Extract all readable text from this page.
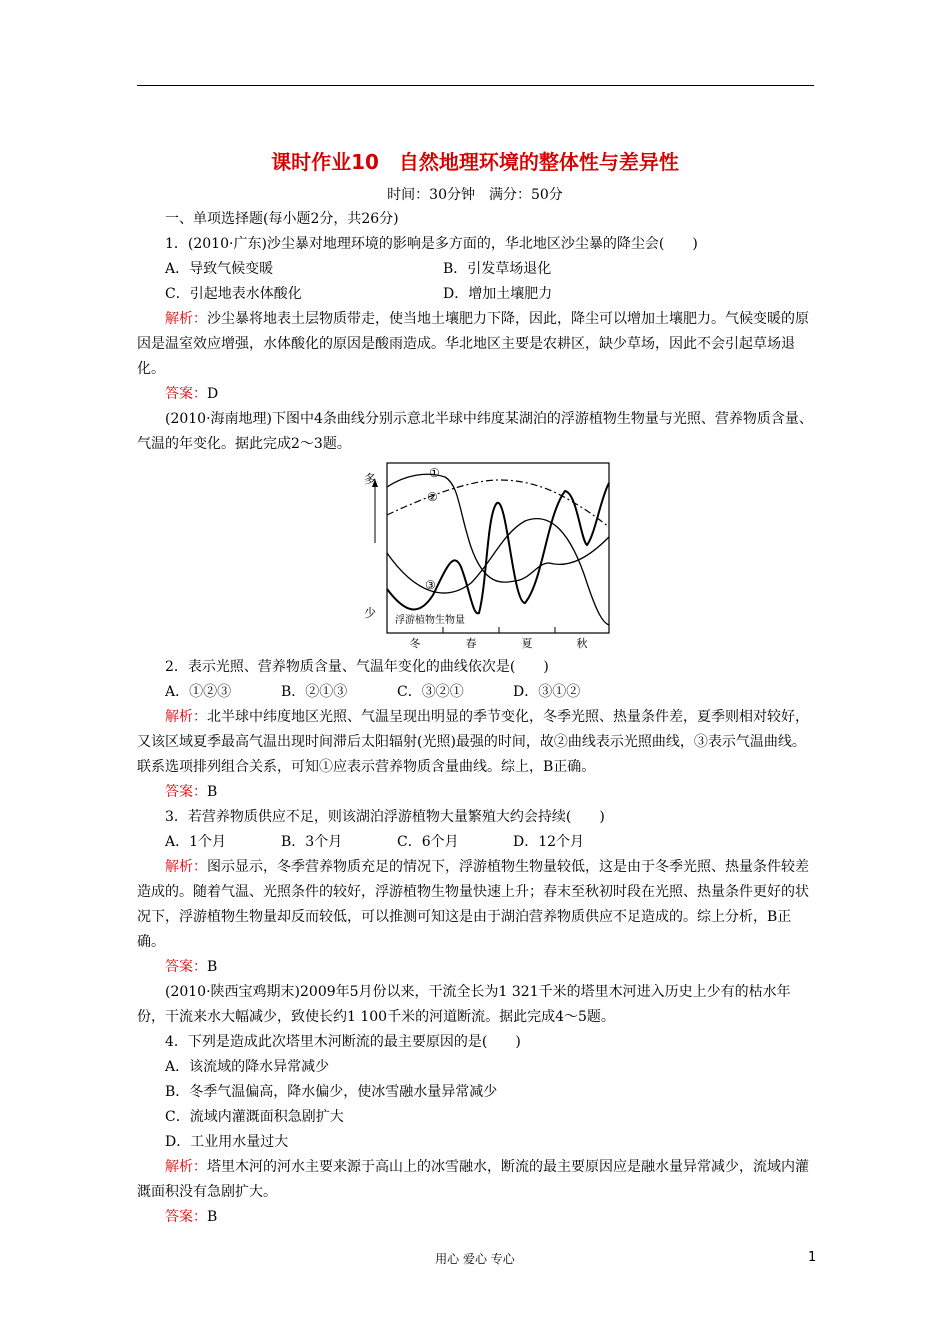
课时作业10　自然地理环境的整体性与差异性
时间：30分钟　满分：50分

一、单项选择题(每小题2分，共26分)

1．(2010·广东)沙尘暴对地理环境的影响是多方面的，华北地区沙尘暴的降尘会(　　)

A．导致气候变暖	B．引发草场退化
C．引起地表水体酸化	D．增加土壤肥力

解析：沙尘暴将地表土层物质带走，使当地土壤肥力下降，因此，降尘可以增加土壤肥力。气候变暖的原因是温室效应增强，水体酸化的原因是酸雨造成。华北地区主要是农耕区，缺少草场，因此不会引起草场退化。

答案：D

(2010·海南地理)下图中4条曲线分别示意北半球中纬度某湖泊的浮游植物生物量与光照、营养物质含量、气温的年变化。据此完成2～3题。

多
少
①
②
③
浮游植物生物量
冬	春	夏	秋

2．表示光照、营养物质含量、气温年变化的曲线依次是(　　)

A．①②③	B．②①③	C．③②①	D．③①②

解析：北半球中纬度地区光照、气温呈现出明显的季节变化，冬季光照、热量条件差，夏季则相对较好，又该区域夏季最高气温出现时间滞后太阳辐射(光照)最强的时间，故②曲线表示光照曲线，③表示气温曲线。联系选项排列组合关系，可知①应表示营养物质含量曲线。综上，B正确。

答案：B

3．若营养物质供应不足，则该湖泊浮游植物大量繁殖大约会持续(　　)

A．1个月	B．3个月	C．6个月	D．12个月

解析：图示显示，冬季营养物质充足的情况下，浮游植物生物量较低，这是由于冬季光照、热量条件较差造成的。随着气温、光照条件的较好，浮游植物生物量快速上升；春末至秋初时段在光照、热量条件更好的状况下，浮游植物生物量却反而较低，可以推测可知这是由于湖泊营养物质供应不足造成的。综上分析，B正确。

答案：B

(2010·陕西宝鸡期末)2009年5月份以来，干流全长为1 321千米的塔里木河进入历史上少有的枯水年份，干流来水大幅减少，致使长约1 100千米的河道断流。据此完成4～5题。

4．下列是造成此次塔里木河断流的最主要原因的是(　　)

A．该流域的降水异常减少

B．冬季气温偏高，降水偏少，使冰雪融水量异常减少

C．流域内灌溉面积急剧扩大

D．工业用水量过大

解析：塔里木河的河水主要来源于高山上的冰雪融水，断流的最主要原因应是融水量异常减少，流域内灌溉面积没有急剧扩大。

答案：B

用心 爱心 专心	1
